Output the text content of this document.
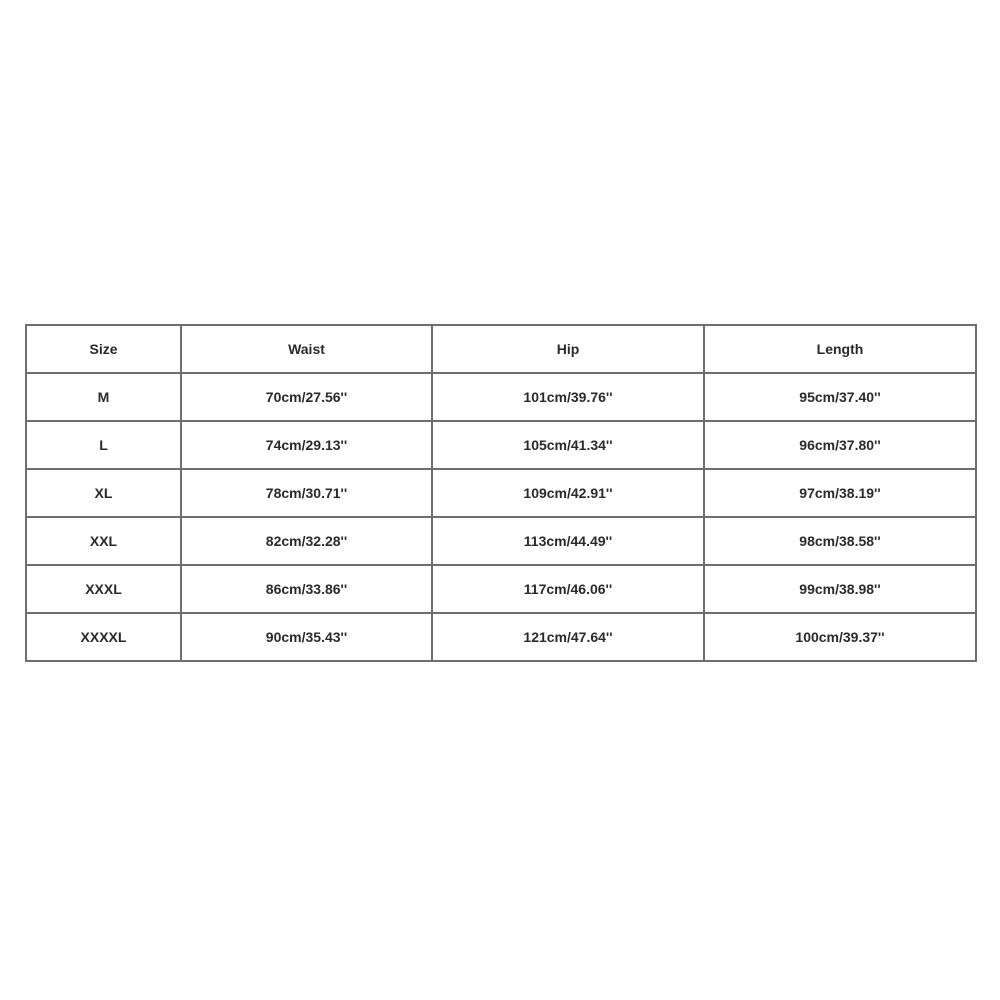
Size	Waist	Hip	Length
M	70cm/27.56''	101cm/39.76''	95cm/37.40''
L	74cm/29.13''	105cm/41.34''	96cm/37.80''
XL	78cm/30.71''	109cm/42.91''	97cm/38.19''
XXL	82cm/32.28''	113cm/44.49''	98cm/38.58''
XXXL	86cm/33.86''	117cm/46.06''	99cm/38.98''
XXXXL	90cm/35.43''	121cm/47.64''	100cm/39.37''
